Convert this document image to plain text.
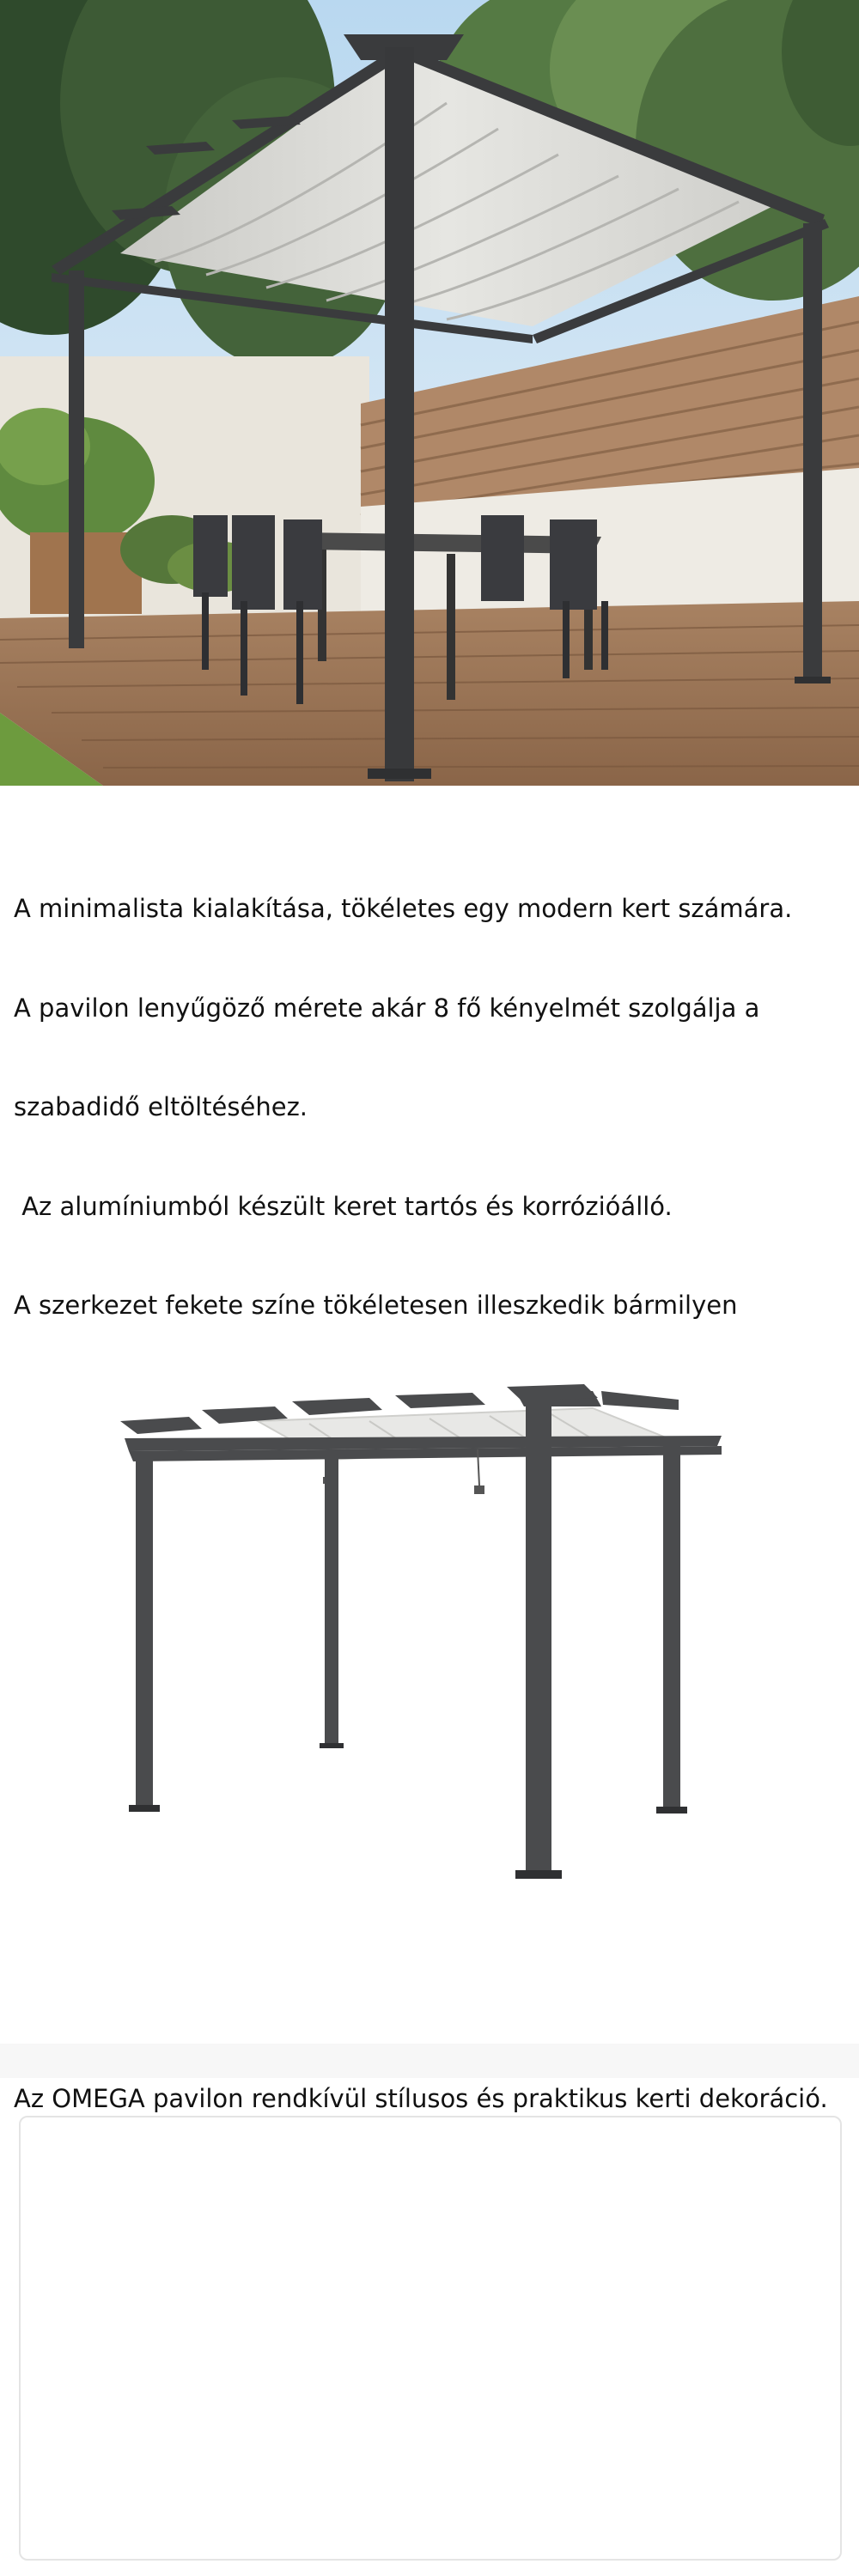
A minimalista kialakítása, tökéletes egy modern kert számára.

A pavilon lenyűgöző mérete akár 8 fő kényelmét szolgálja a

szabadidő eltöltéséhez.

Az alumíniumból készült keret tartós és korrózióálló.

A szerkezet fekete színe tökéletesen illeszkedik bármilyen

Az OMEGA pavilon rendkívül stílusos és praktikus kerti dekoráció.
